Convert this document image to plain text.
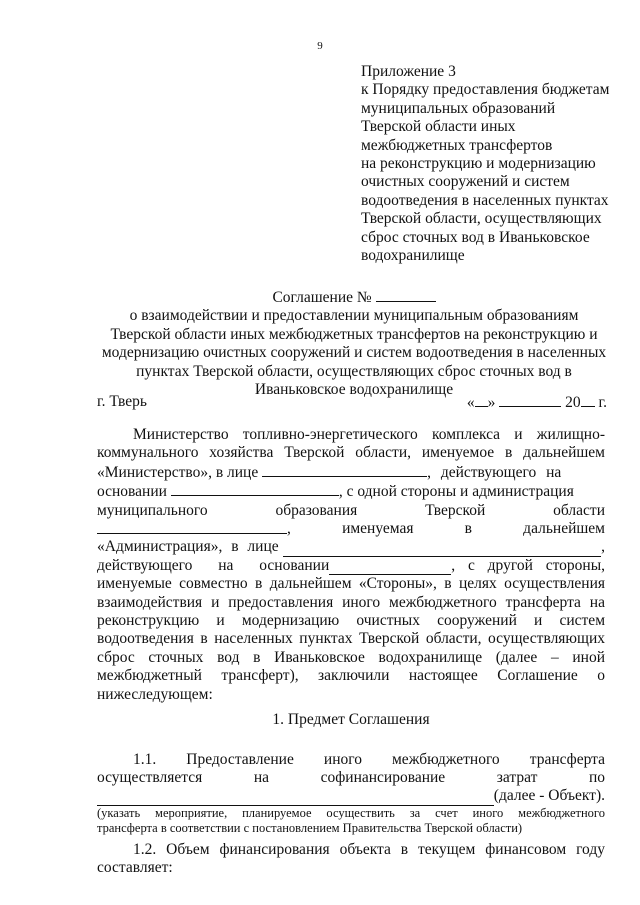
9
Приложение 3
к Порядку предоставления бюджетам
муниципальных образований
Тверской области иных
межбюджетных трансфертов
на реконструкцию и модернизацию
очистных сооружений и систем
водоотведения в населенных пунктах
Тверской области, осуществляющих
сброс сточных вод в Иваньковское
водохранилище
Соглашение №
о взаимодействии и предоставлении муниципальным образованиям
Тверской области иных межбюджетных трансфертов на реконструкцию и
модернизацию очистных сооружений и систем водоотведения в населенных
пунктах Тверской области, осуществляющих сброс сточных вод в
Иваньковское водохранилище
г. Тверь	« »	20 г.
Министерство топливно-энергетического комплекса и жилищно-
коммунального хозяйства Тверской области, именуемое в дальнейшем
«Министерство», в лице	, действующего на
основании	, с одной стороны и администрация
муниципального образования Тверской области
, именуемая в дальнейшем
«Администрация», в лице
	,
действующего на основании	, с другой стороны,
именуемые совместно в дальнейшем «Стороны», в целях осуществления
взаимодействия и предоставления иного межбюджетного трансферта на
реконструкцию и модернизацию очистных сооружений и систем
водоотведения в населенных пунктах Тверской области, осуществляющих
сброс сточных вод в Иваньковское водохранилище (далее – иной
межбюджетный трансферт), заключили настоящее Соглашение о
нижеследующем:
1. Предмет Соглашения
1.1. Предоставление иного межбюджетного трансферта
осуществляется на софинансирование затрат по
(далее - Объект).
(указать мероприятие, планируемое осуществить за счет иного межбюджетного
трансферта в соответствии с постановлением Правительства Тверской области)
1.2. Объем финансирования объекта в текущем финансовом году
составляет:
